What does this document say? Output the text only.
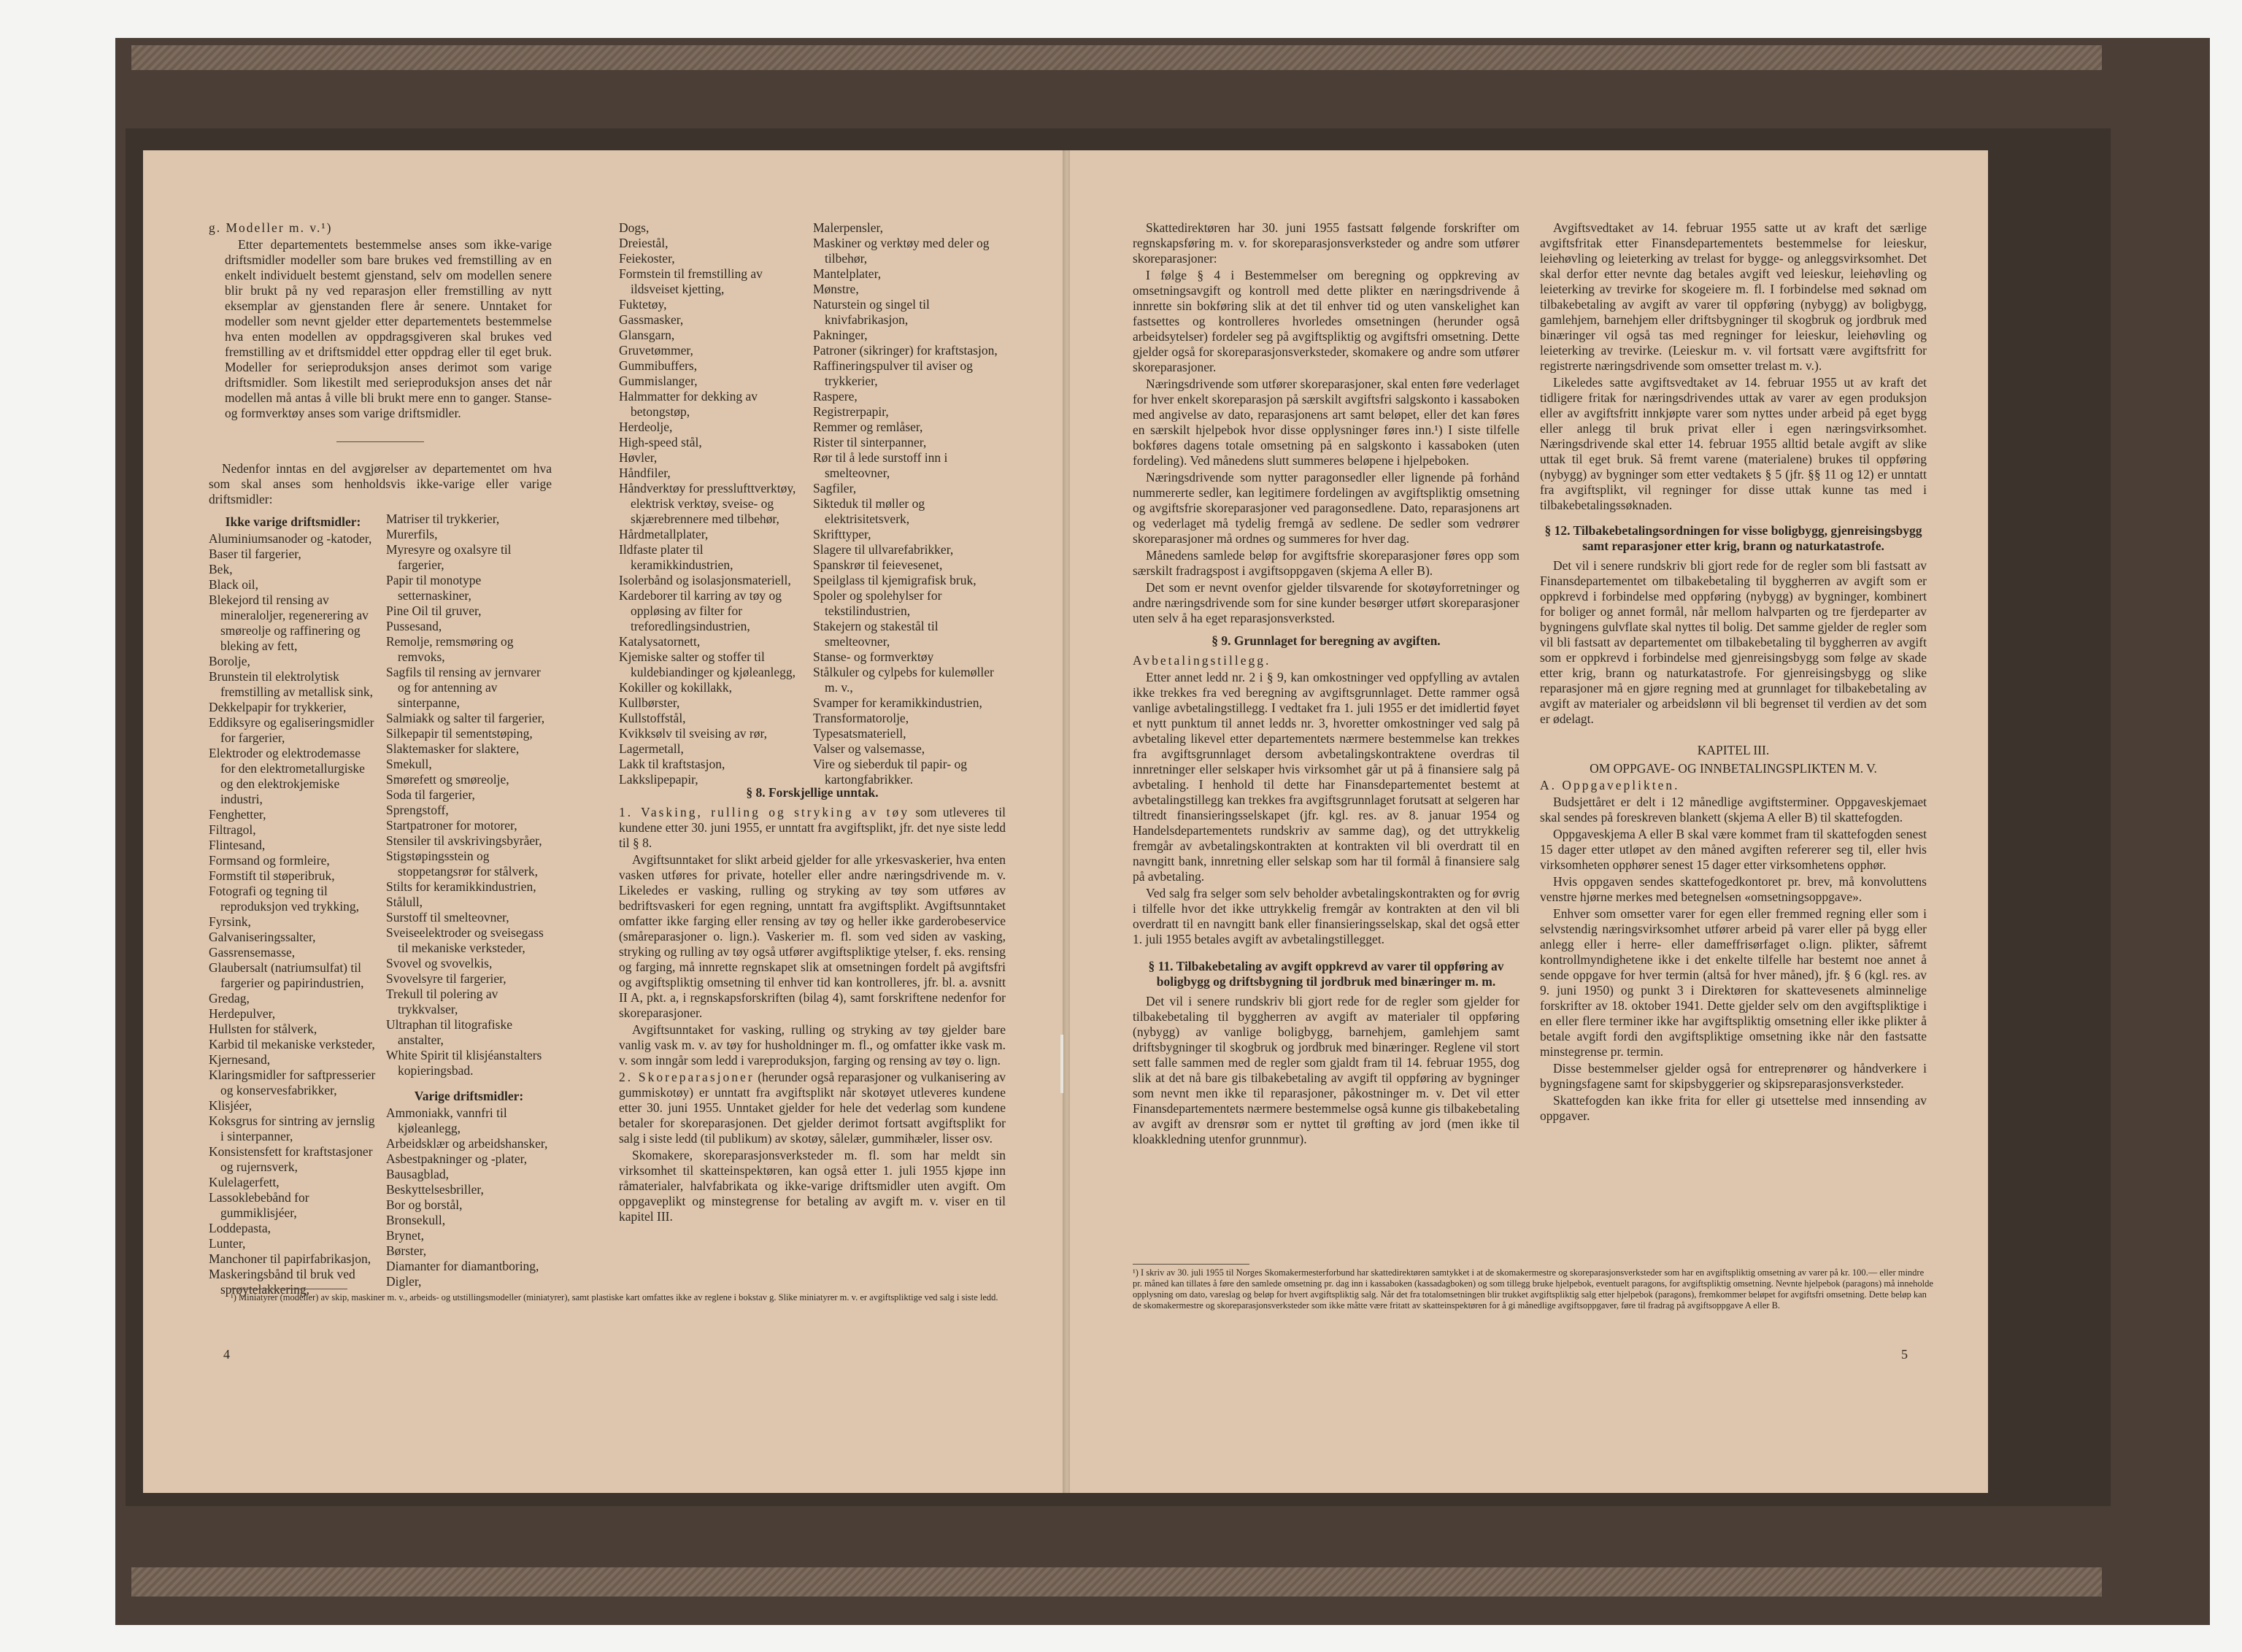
g. Modeller m. v.¹)

Etter departementets bestemmelse anses som ikke-varige driftsmidler modeller som bare brukes ved fremstilling av en enkelt individuelt bestemt gjenstand, selv om modellen senere blir brukt på ny ved reparasjon eller fremstilling av nytt eksemplar av gjenstanden flere år senere. Unntaket for modeller som nevnt gjelder etter departementets bestemmelse hva enten modellen av oppdragsgiveren skal brukes ved fremstilling av et driftsmiddel etter oppdrag eller til eget bruk. Modeller for serieproduksjon anses derimot som varige driftsmidler. Som likestilt med serieproduksjon anses det når modellen må antas å ville bli brukt mere enn to ganger. Stanse- og formverktøy anses som varige driftsmidler.

Nedenfor inntas en del avgjørelser av departementet om hva som skal anses som henholdsvis ikke-varige eller varige driftsmidler:

Ikke varige driftsmidler:
Aluminiumsanoder og -katoder,
Baser til fargerier,
Bek,
Black oil,
Blekejord til rensing av mineraloljer, regenerering av smøreolje og raffinering og bleking av fett,
Borolje,
Brunstein til elektrolytisk fremstilling av metallisk sink,
Dekkelpapir for trykkerier,
Eddiksyre og egaliseringsmidler for fargerier,
Elektroder og elektrodemasse for den elektrometallurgiske og den elektrokjemiske industri,
Fenghetter,
Filtragol,
Flintesand,
Formsand og formleire,
Formstift til støperibruk,
Fotografi og tegning til reproduksjon ved trykking,
Fyrsink,
Galvaniseringssalter,
Gassrensemasse,
Glaubersalt (natriumsulfat) til fargerier og papirindustrien,
Gredag,
Herdepulver,
Hullsten for stålverk,
Karbid til mekaniske verksteder,
Kjernesand,
Klaringsmidler for saftpresserier og konservesfabrikker,
Klisjéer,
Koksgrus for sintring av jernslig i sinterpanner,
Konsistensfett for kraftstasjoner og rujernsverk,
Kulelagerfett,
Lassoklebebånd for gummiklisjéer,
Loddepasta,
Lunter,
Manchoner til papirfabrikasjon,
Maskeringsbånd til bruk ved sprøytelakkering,
Matriser til trykkerier,
Murerfils,
Myresyre og oxalsyre til fargerier,
Papir til monotype setternaskiner,
Pine Oil til gruver,
Pussesand,
Remolje, remsmøring og remvoks,
Sagfils til rensing av jernvarer og for antenning av sinterpanne,
Salmiakk og salter til fargerier,
Silkepapir til sementstøping,
Slaktemasker for slaktere,
Smekull,
Smørefett og smøreolje,
Soda til fargerier,
Sprengstoff,
Startpatroner for motorer,
Stensiler til avskrivingsbyråer,
Stigstøpingsstein og stoppetangsrør for stålverk,
Stilts for keramikkindustrien,
Stålull,
Surstoff til smelteovner,
Sveiseelektroder og sveisegass til mekaniske verksteder,
Svovel og svovelkis,
Svovelsyre til fargerier,
Trekull til polering av trykkvalser,
Ultraphan til litografiske anstalter,
White Spirit til klisjéanstalters kopieringsbad.
Varige driftsmidler:
Ammoniakk, vannfri til kjøleanlegg,
Arbeidsklær og arbeidshansker,
Asbestpakninger og -plater,
Bausagblad,
Beskyttelsesbriller,
Bor og borstål,
Bronsekull,
Brynet,
Børster,
Diamanter for diamantboring,
Digler,
Dogs,
Dreiestål,
Feiekoster,
Formstein til fremstilling av ildsveiset kjetting,
Fuktetøy,
Gassmasker,
Glansgarn,
Gruvetømmer,
Gummibuffers,
Gummislanger,
Halmmatter for dekking av betongstøp,
Herdeolje,
High-speed stål,
Høvler,
Håndfiler,
Håndverktøy for presslufttverktøy, elektrisk verktøy, sveise- og skjærebrennere med tilbehør,
Hårdmetallplater,
Ildfaste plater til keramikkindustrien,
Isolerbånd og isolasjonsmateriell,
Kardeborer til karring av tøy og oppløsing av filter for treforedlingsindustrien,
Katalysatornett,
Kjemiske salter og stoffer til kuldebiandinger og kjøleanlegg,
Kokiller og kokillakk,
Kullbørster,
Kullstoffstål,
Kvikksølv til sveising av rør,
Lagermetall,
Lakk til kraftstasjon,
Lakkslipepapir,
Malerpensler,
Maskiner og verktøy med deler og tilbehør,
Mantelplater,
Mønstre,
Naturstein og singel til knivfabrikasjon,
Pakninger,
Patroner (sikringer) for kraftstasjon,
Raffineringspulver til aviser og trykkerier,
Raspere,
Registrerpapir,
Remmer og remlåser,
Rister til sinterpanner,
Rør til å lede surstoff inn i smelteovner,
Sagfiler,
Sikteduk til møller og elektrisitetsverk,
Skrifttyper,
Slagere til ullvarefabrikker,
Spanskrør til feievesenet,
Speilglass til kjemigrafisk bruk,
Spoler og spolehylser for tekstilindustrien,
Stakejern og stakestål til smelteovner,
Stanse- og formverktøy
Stålkuler og cylpebs for kulemøller m. v.,
Svamper for keramikkindustrien,
Transformatorolje,
Typesatsmateriell,
Valser og valsemasse,
Vire og sieberduk til papir- og kartongfabrikker.
§ 8. Forskjellige unntak.

1. Vasking, rulling og stryking av tøy som utleveres til kundene etter 30. juni 1955, er unntatt fra avgiftsplikt, jfr. det nye siste ledd til § 8.

Avgiftsunntaket for slikt arbeid gjelder for alle yrkesvaskerier, hva enten vasken utføres for private, hoteller eller andre næringsdrivende m. v. Likeledes er vasking, rulling og stryking av tøy som utføres av bedriftsvaskeri for egen regning, unntatt fra avgiftsplikt. Avgiftsunntaket omfatter ikke farging eller rensing av tøy og heller ikke garderobeservice (småreparasjoner o. lign.). Vaskerier m. fl. som ved siden av vasking, stryking og rulling av tøy også utfører avgiftspliktige ytelser, f. eks. rensing og farging, må innrette regnskapet slik at omsetningen fordelt på avgiftsfri og avgiftspliktig omsetning til enhver tid kan kontrolleres, jfr. bl. a. avsnitt II A, pkt. a, i regnskapsforskriften (bilag 4), samt forskriftene nedenfor for skoreparasjoner.

Avgiftsunntaket for vasking, rulling og stryking av tøy gjelder bare vanlig vask m. v. av tøy for husholdninger m. fl., og omfatter ikke vask m. v. som inngår som ledd i vareproduksjon, farging og rensing av tøy o. lign.

2. Skoreparasjoner (herunder også reparasjoner og vulkanisering av gummiskotøy) er unntatt fra avgiftsplikt når skotøyet utleveres kundene etter 30. juni 1955. Unntaket gjelder for hele det vederlag som kundene betaler for skoreparasjonen. Det gjelder derimot fortsatt avgiftsplikt for salg i siste ledd (til publikum) av skotøy, sålelær, gummihæler, lisser osv.

Skomakere, skoreparasjonsverksteder m. fl. som har meldt sin virksomhet til skatteinspektøren, kan også etter 1. juli 1955 kjøpe inn råmaterialer, halvfabrikata og ikke-varige driftsmidler uten avgift. Om oppgaveplikt og minstegrense for betaling av avgift m. v. viser en til kapitel III.

¹) Miniatyrer (modeller) av skip, maskiner m. v., arbeids- og utstillingsmodeller (miniatyrer), samt plastiske kart omfattes ikke av reglene i bokstav g. Slike miniatyrer m. v. er avgiftspliktige ved salg i siste ledd.
4

Skattedirektøren har 30. juni 1955 fastsatt følgende forskrifter om regnskapsføring m. v. for skoreparasjonsverksteder og andre som utfører skoreparasjoner:

I følge § 4 i Bestemmelser om beregning og oppkreving av omsetningsavgift og kontroll med dette plikter en næringsdrivende å innrette sin bokføring slik at det til enhver tid og uten vanskelighet kan fastsettes og kontrolleres hvorledes omsetningen (herunder også arbeidsytelser) fordeler seg på avgiftspliktig og avgiftsfri omsetning. Dette gjelder også for skoreparasjonsverksteder, skomakere og andre som utfører skoreparasjoner.

Næringsdrivende som utfører skoreparasjoner, skal enten føre vederlaget for hver enkelt skoreparasjon på særskilt avgiftsfri salgskonto i kassaboken med angivelse av dato, reparasjonens art samt beløpet, eller det kan føres en særskilt hjelpebok hvor disse opplysninger føres inn.¹) I siste tilfelle bokføres dagens totale omsetning på en salgskonto i kassaboken (uten fordeling). Ved månedens slutt summeres beløpene i hjelpeboken.

Næringsdrivende som nytter paragonsedler eller lignende på forhånd nummererte sedler, kan legitimere fordelingen av avgiftspliktig omsetning og avgiftsfrie skoreparasjoner ved paragonsedlene. Dato, reparasjonens art og vederlaget må tydelig fremgå av sedlene. De sedler som vedrører skoreparasjoner må ordnes og summeres for hver dag.

Månedens samlede beløp for avgiftsfrie skoreparasjoner føres opp som særskilt fradragspost i avgiftsoppgaven (skjema A eller B).

Det som er nevnt ovenfor gjelder tilsvarende for skotøyforretninger og andre næringsdrivende som for sine kunder besørger utført skoreparasjoner uten selv å ha eget reparasjonsverksted.

§ 9. Grunnlaget for beregning av avgiften.

Avbetalingstillegg.

Etter annet ledd nr. 2 i § 9, kan omkostninger ved oppfylling av avtalen ikke trekkes fra ved beregning av avgiftsgrunnlaget. Dette rammer også vanlige avbetalingstillegg. I vedtaket fra 1. juli 1955 er det imidlertid føyet et nytt punktum til annet ledds nr. 3, hvoretter omkostninger ved salg på avbetaling likevel etter departementets nærmere bestemmelse kan trekkes fra avgiftsgrunnlaget dersom avbetalingskontraktene overdras til innretninger eller selskaper hvis virksomhet går ut på å finansiere salg på avbetaling. I henhold til dette har Finansdepartementet bestemt at avbetalingstillegg kan trekkes fra avgiftsgrunnlaget forutsatt at selgeren har tiltredt finansieringsselskapet (jfr. kgl. res. av 8. januar 1954 og Handelsdepartementets rundskriv av samme dag), og det uttrykkelig fremgår av avbetalingskontrakten at kontrakten vil bli overdratt til en navngitt bank, innretning eller selskap som har til formål å finansiere salg på avbetaling.

Ved salg fra selger som selv beholder avbetalingskontrakten og for øvrig i tilfelle hvor det ikke uttrykkelig fremgår av kontrakten at den vil bli overdratt til en navngitt bank eller finansieringsselskap, skal det også etter 1. juli 1955 betales avgift av avbetalingstillegget.

§ 11. Tilbakebetaling av avgift oppkrevd av varer til oppføring av boligbygg og driftsbygning til jordbruk med binæringer m. m.

Det vil i senere rundskriv bli gjort rede for de regler som gjelder for tilbakebetaling til byggherren av avgift av materialer til oppføring (nybygg) av vanlige boligbygg, barnehjem, gamlehjem samt driftsbygninger til skogbruk og jordbruk med binæringer. Reglene vil stort sett falle sammen med de regler som gjaldt fram til 14. februar 1955, dog slik at det nå bare gis tilbakebetaling av avgift til oppføring av bygninger som nevnt men ikke til reparasjoner, påkostninger m. v. Det vil etter Finansdepartementets nærmere bestemmelse også kunne gis tilbakebetaling av avgift av drensrør som er nyttet til grøfting av jord (men ikke til kloakkledning utenfor grunnmur).

Avgiftsvedtaket av 14. februar 1955 satte ut av kraft det særlige avgiftsfritak etter Finansdepartementets bestemmelse for leieskur, leiehøvling og leieterking av trelast for bygge- og anleggsvirksomhet. Det skal derfor etter nevnte dag betales avgift ved leieskur, leiehøvling og leieterking av trevirke for skogeiere m. fl. I forbindelse med søknad om tilbakebetaling av avgift av varer til oppføring (nybygg) av boligbygg, gamlehjem, barnehjem eller driftsbygninger til skogbruk og jordbruk med binæringer vil også tas med regninger for leieskur, leiehøvling og leieterking av trevirke. (Leieskur m. v. vil fortsatt være avgiftsfritt for registrerte næringsdrivende som omsetter trelast m. v.).

Likeledes satte avgiftsvedtaket av 14. februar 1955 ut av kraft det tidligere fritak for næringsdrivendes uttak av varer av egen produksjon eller av avgiftsfritt innkjøpte varer som nyttes under arbeid på eget bygg eller anlegg til bruk privat eller i egen næringsvirksomhet. Næringsdrivende skal etter 14. februar 1955 alltid betale avgift av slike uttak til eget bruk. Så fremt varene (materialene) brukes til oppføring (nybygg) av bygninger som etter vedtakets § 5 (jfr. §§ 11 og 12) er unntatt fra avgiftsplikt, vil regninger for disse uttak kunne tas med i tilbakebetalingssøknaden.

§ 12. Tilbakebetalingsordningen for visse boligbygg, gjenreisingsbygg samt reparasjoner etter krig, brann og naturkatastrofe.

Det vil i senere rundskriv bli gjort rede for de regler som bli fastsatt av Finansdepartementet om tilbakebetaling til byggherren av avgift som er oppkrevd i forbindelse med oppføring (nybygg) av bygninger, kombinert for boliger og annet formål, når mellom halvparten og tre fjerdeparter av bygningens gulvflate skal nyttes til bolig. Det samme gjelder de regler som vil bli fastsatt av departementet om tilbakebetaling til byggherren av avgift som er oppkrevd i forbindelse med gjenreisingsbygg som følge av skade etter krig, brann og naturkatastrofe. For gjenreisingsbygg og slike reparasjoner må en gjøre regning med at grunnlaget for tilbakebetaling av avgift av materialer og arbeidslønn vil bli begrenset til verdien av det som er ødelagt.

KAPITEL III.
OM OPPGAVE- OG INNBETALINGSPLIKTEN M. V.

A. Oppgaveplikten.

Budsjettåret er delt i 12 månedlige avgiftsterminer. Oppgaveskjemaet skal sendes på foreskreven blankett (skjema A eller B) til skattefogden.

Oppgaveskjema A eller B skal være kommet fram til skattefogden senest 15 dager etter utløpet av den måned avgiften refererer seg til, eller hvis virksomheten opphører senest 15 dager etter virksomhetens opphør.

Hvis oppgaven sendes skattefogedkontoret pr. brev, må konvoluttens venstre hjørne merkes med betegnelsen «omsetningsoppgave».

Enhver som omsetter varer for egen eller fremmed regning eller som i selvstendig næringsvirksomhet utfører arbeid på varer eller på bygg eller anlegg eller i herre- eller dameffrisørfaget o.lign. plikter, såfremt kontrollmyndighetene ikke i det enkelte tilfelle har bestemt noe annet å sende oppgave for hver termin (altså for hver måned), jfr. § 6 (kgl. res. av 9. juni 1950) og punkt 3 i Direktøren for skattevesenets alminnelige forskrifter av 18. oktober 1941. Dette gjelder selv om den avgiftspliktige i en eller flere terminer ikke har avgiftspliktig omsetning eller ikke plikter å betale avgift fordi den avgiftspliktige omsetning ikke når den fastsatte minstegrense pr. termin.

Disse bestemmelser gjelder også for entreprenører og håndverkere i bygningsfagene samt for skipsbyggerier og skipsreparasjonsverksteder.

Skattefogden kan ikke frita for eller gi utsettelse med innsending av oppgaver.

¹) I skriv av 30. juli 1955 til Norges Skomakermesterforbund har skattedirektøren samtykket i at de skomakermestre og skoreparasjonsverksteder som har en avgiftspliktig omsetning av varer på kr. 100.— eller mindre pr. måned kan tillates å føre den samlede omsetning pr. dag inn i kassaboken (kassadagboken) og som tillegg bruke hjelpebok, eventuelt paragons, for avgiftspliktig omsetning. Nevnte hjelpebok (paragons) må inneholde opplysning om dato, vareslag og beløp for hvert avgiftspliktig salg. Når det fra totalomsetningen blir trukket avgiftspliktig salg etter hjelpebok (paragons), fremkommer beløpet for avgiftsfri omsetning. Dette beløp kan de skomakermestre og skoreparasjonsverksteder som ikke måtte være fritatt av skatteinspektøren for å gi månedlige avgiftsoppgaver, føre til fradrag på avgiftsoppgave A eller B.
5
